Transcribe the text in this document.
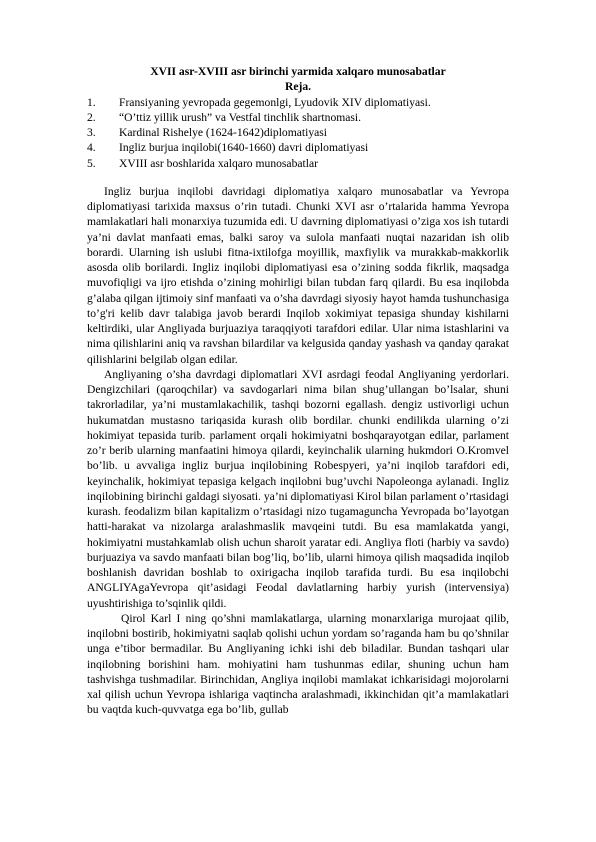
XVII asr-XVIII asr birinchi yarmida xalqaro munosabatlar

Reja.

1.	Fransiyaning yevropada gegemonlgi, Lyudovik XIV diplomatiyasi.
2.	“O’ttiz yillik urush” va Vestfal tinchlik shartnomasi.
3.	Kardinal Rishelye (1624-1642)diplomatiyasi
4.	Ingliz burjua inqilobi(1640-1660) davri diplomatiyasi
5.	XVIII asr boshlarida xalqaro munosabatlar

Ingliz burjua inqilobi davridagi diplomatiya xalqaro munosabatlar va Yevropa diplomatiyasi tarixida maxsus o’rin tutadi. Chunki XVI asr o’rtalarida hamma Yevropa mamlakatlari hali monarxiya tuzumida edi. U davrning diplomatiyasi o’ziga xos ish tutardi ya’ni davlat manfaati emas, balki saroy va sulola manfaati nuqtai nazaridan ish olib borardi. Ularning ish uslubi fitna-ixtilofga moyillik, maxfiylik va murakkab-makkorlik asosda olib borilardi. Ingliz inqilobi diplomatiyasi esa o’zining sodda fikrlik, maqsadga muvofiqligi va ijro etishda o’zining mohirligi bilan tubdan farq qilardi. Bu esa inqilobda g’alaba qilgan ijtimoiy sinf manfaati va o’sha davrdagi siyosiy hayot hamda tushunchasiga to’g'ri kelib davr talabiga javob berardi Inqilob xokimiyat tepasiga shunday kishilarni keltirdiki, ular Angliyada burjuaziya taraqqiyoti tarafdori edilar. Ular nima istashlarini va nima qilishlarini aniq va ravshan bilardilar va kelgusida qanday yashash va qanday qarakat qilishlarini belgilab olgan edilar.

Angliyaning o’sha davrdagi diplomatlari XVI asrdagi feodal Angliyaning yerdorlari. Dengizchilari (qaroqchilar) va savdogarlari nima bilan shug’ullangan bo’lsalar, shuni takrorladilar, ya’ni mustamlakachilik, tashqi bozorni egallash. dengiz ustivorligi uchun hukumatdan mustasno tariqasida kurash olib bordilar. chunki endilikda ularning o’zi hokimiyat tepasida turib. parlament orqali hokimiyatni boshqarayotgan edilar, parlament zo’r berib ularning manfaatini himoya qilardi, keyinchalik ularning hukmdori O.Kromvel bo’lib. u avvaliga ingliz burjua inqilobining Robespyeri, ya’ni inqilob tarafdori edi, keyinchalik, hokimiyat tepasiga kelgach inqilobni bug’uvchi Napoleonga aylanadi. Ingliz inqilobining birinchi galdagi siyosati. ya’ni diplomatiyasi Kirol bilan parlament o’rtasidagi kurash. feodalizm bilan kapitalizm o’rtasidagi nizo tugamaguncha Yevropada bo’layotgan hatti-harakat va nizolarga aralashmaslik mavqeini tutdi. Bu esa mamlakatda yangi, hokimiyatni mustahkamlab olish uchun sharoit yaratar edi. Angliya floti (harbiy va savdo) burjuaziya va savdo manfaati bilan bog’liq, bo’lib, ularni himoya qilish maqsadida inqilob boshlanish davridan boshlab to oxirigacha inqilob tarafida turdi. Bu esa inqilobchi ANGLIYAgaYevropa qit’asidagi Feodal davlatlarning harbiy yurish (intervensiya) uyushtirishiga to’sqinlik qildi.

Qirol Karl I ning qo’shni mamlakatlarga, ularning monarxlariga murojaat qilib, inqilobni bostirib, hokimiyatni saqlab qolishi uchun yordam so’raganda ham bu qo’shnilar unga e’tibor bermadilar. Bu Angliyaning ichki ishi deb biladilar. Bundan tashqari ular inqilobning borishini ham. mohiyatini ham tushunmas edilar, shuning uchun ham tashvishga tushmadilar. Birinchidan, Angliya inqilobi mamlakat ichkarisidagi mojorolarni xal qilish uchun Yevropa ishlariga vaqtincha aralashmadi, ikkinchidan qit’a mamlakatlari bu vaqtda kuch-quvvatga ega bo’lib, gullab
